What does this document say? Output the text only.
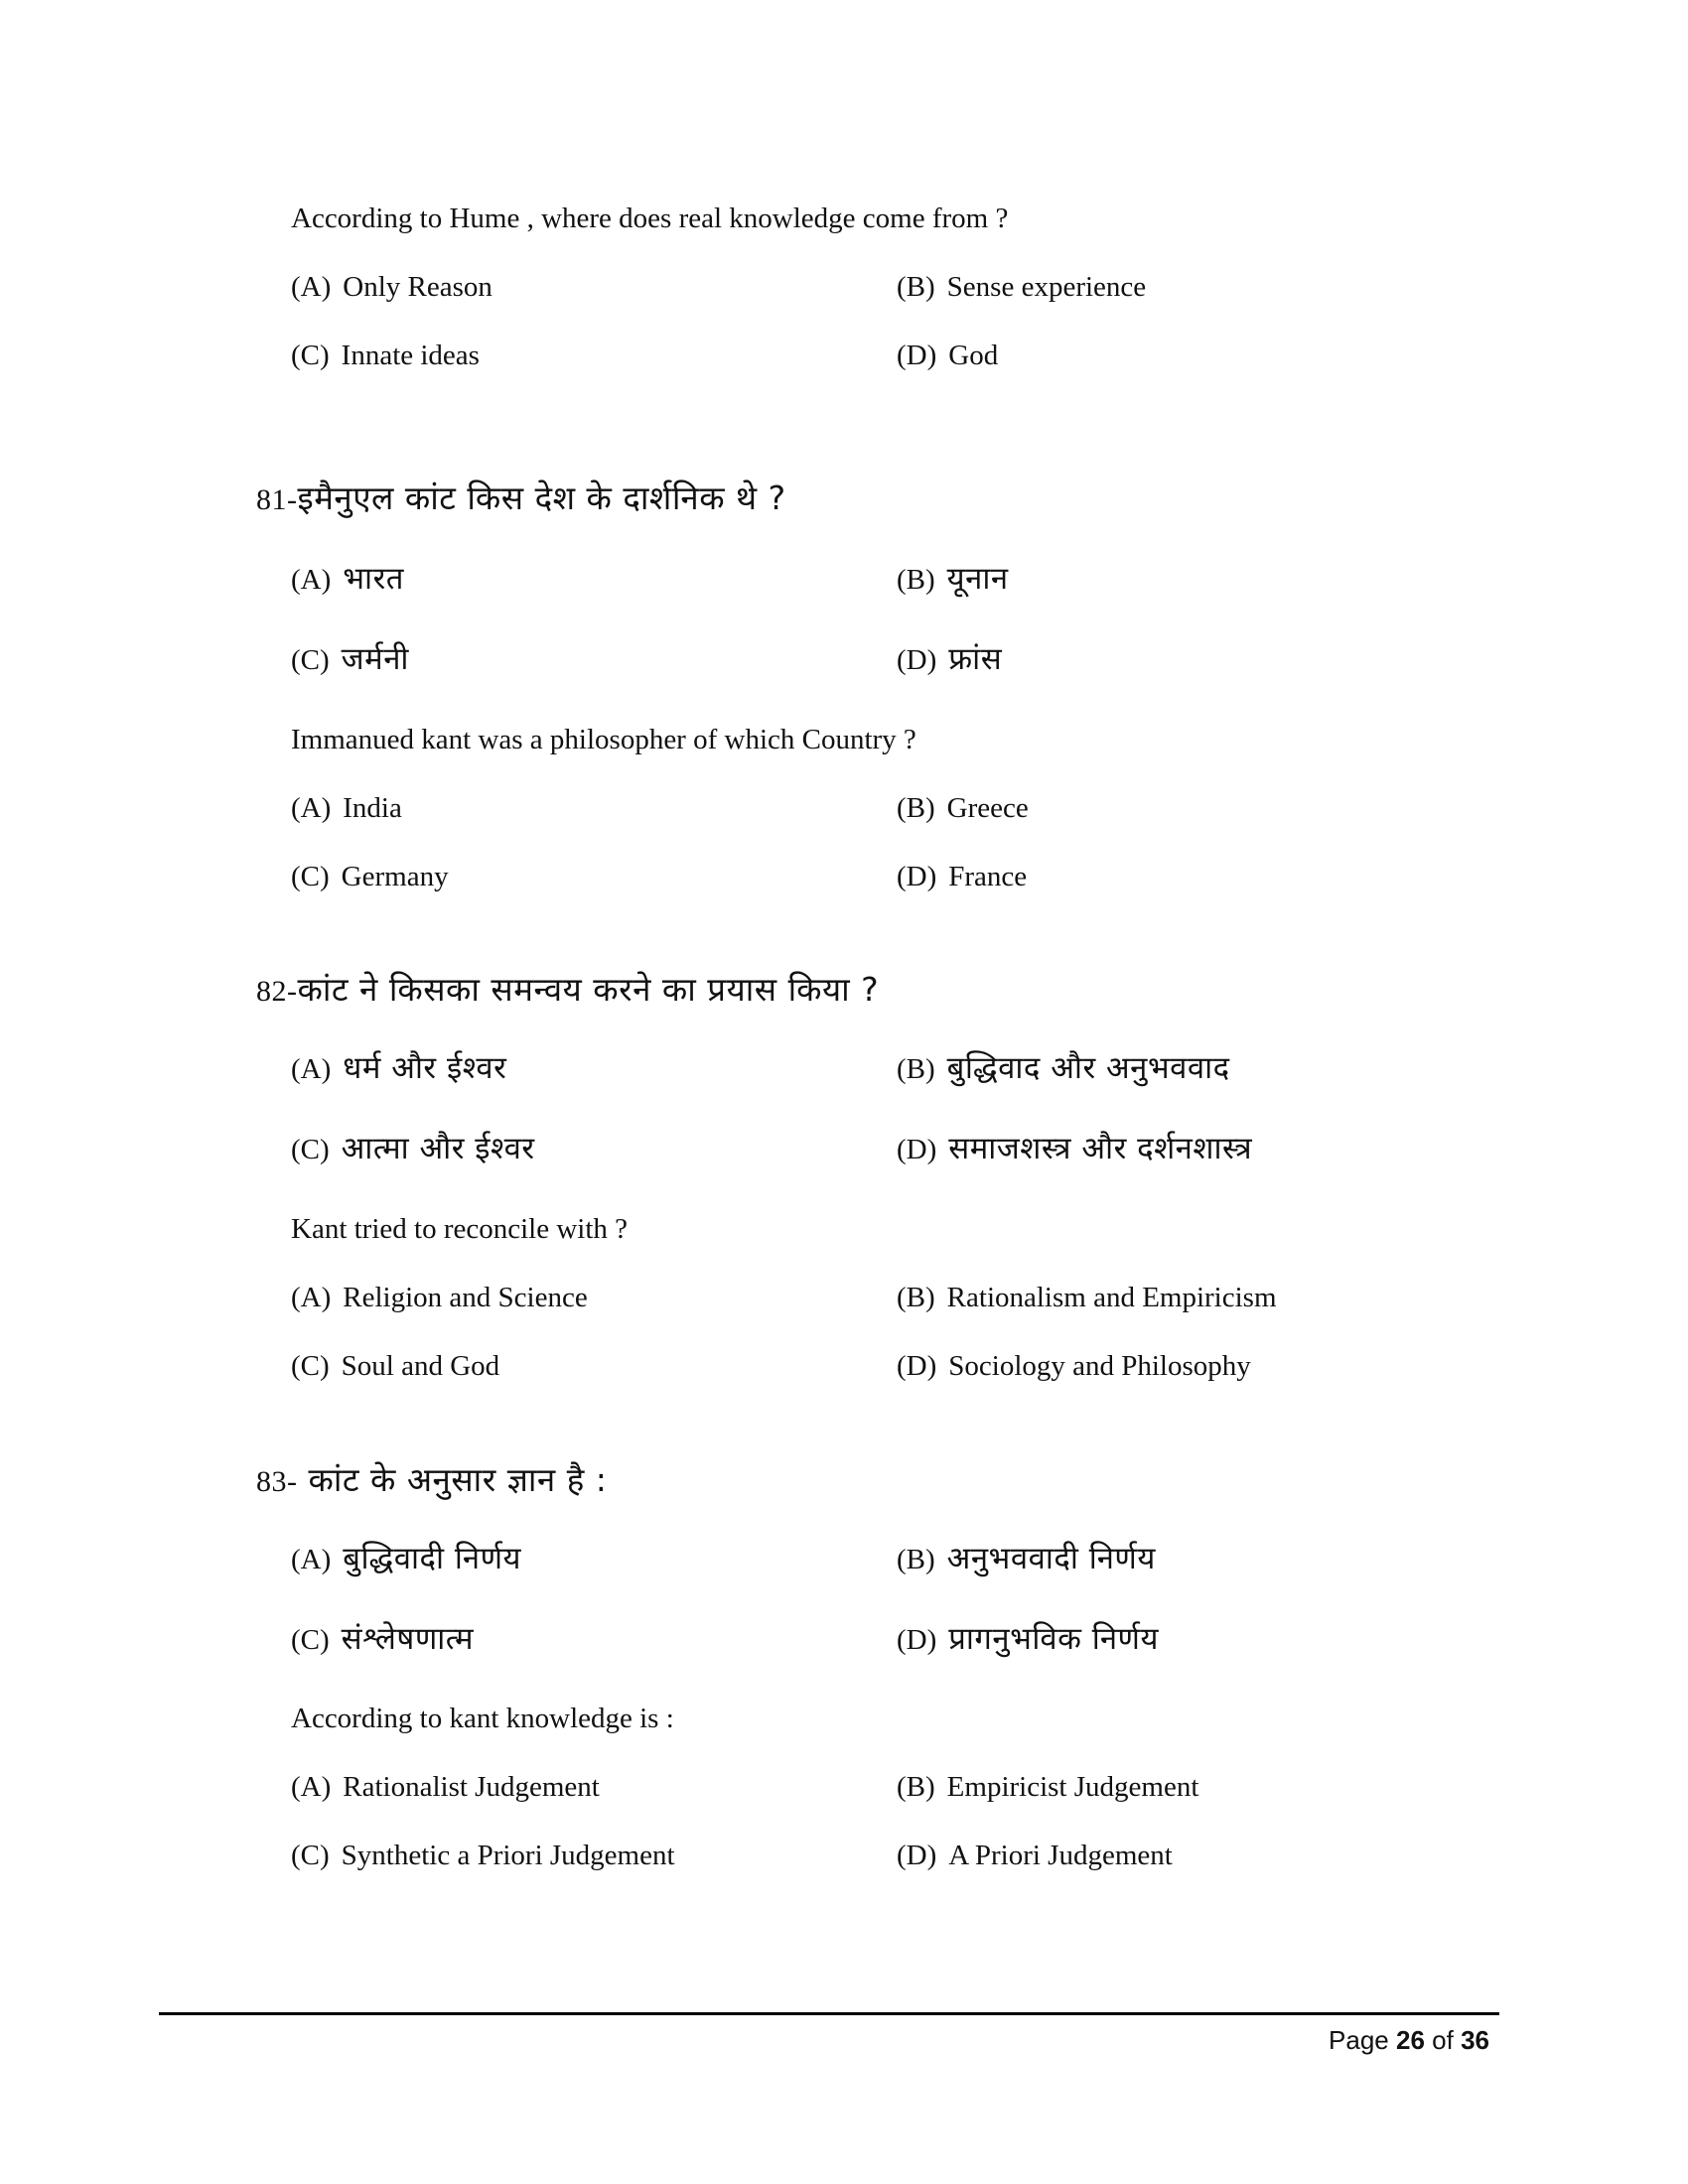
According to Hume , where does real knowledge come from ?
(A) Only Reason	(B) Sense experience
(C) Innate ideas	(D) God
81-इमैनुएल कांट किस देश के दार्शनिक थे ?
(A) भारत	(B) यूनान
(C) जर्मनी	(D) फ्रांस
Immanued kant was a philosopher of which Country ?
(A) India	(B) Greece
(C) Germany	(D) France
82-कांट ने किसका समन्वय करने का प्रयास किया ?
(A) धर्म और ईश्वर	(B) बुद्धिवाद और अनुभववाद
(C) आत्मा और ईश्वर	(D) समाजशस्त्र और दर्शनशास्त्र
Kant tried to reconcile with ?
(A) Religion and Science	(B) Rationalism and Empiricism
(C) Soul and God	(D) Sociology and Philosophy
83- कांट के अनुसार ज्ञान है :
(A) बुद्धिवादी निर्णय	(B) अनुभववादी निर्णय
(C) संश्लेषणात्म	(D) प्रागनुभविक निर्णय
According to kant knowledge is :
(A) Rationalist Judgement	(B) Empiricist Judgement
(C) Synthetic a Priori Judgement	(D) A Priori Judgement
Page 26 of 36
